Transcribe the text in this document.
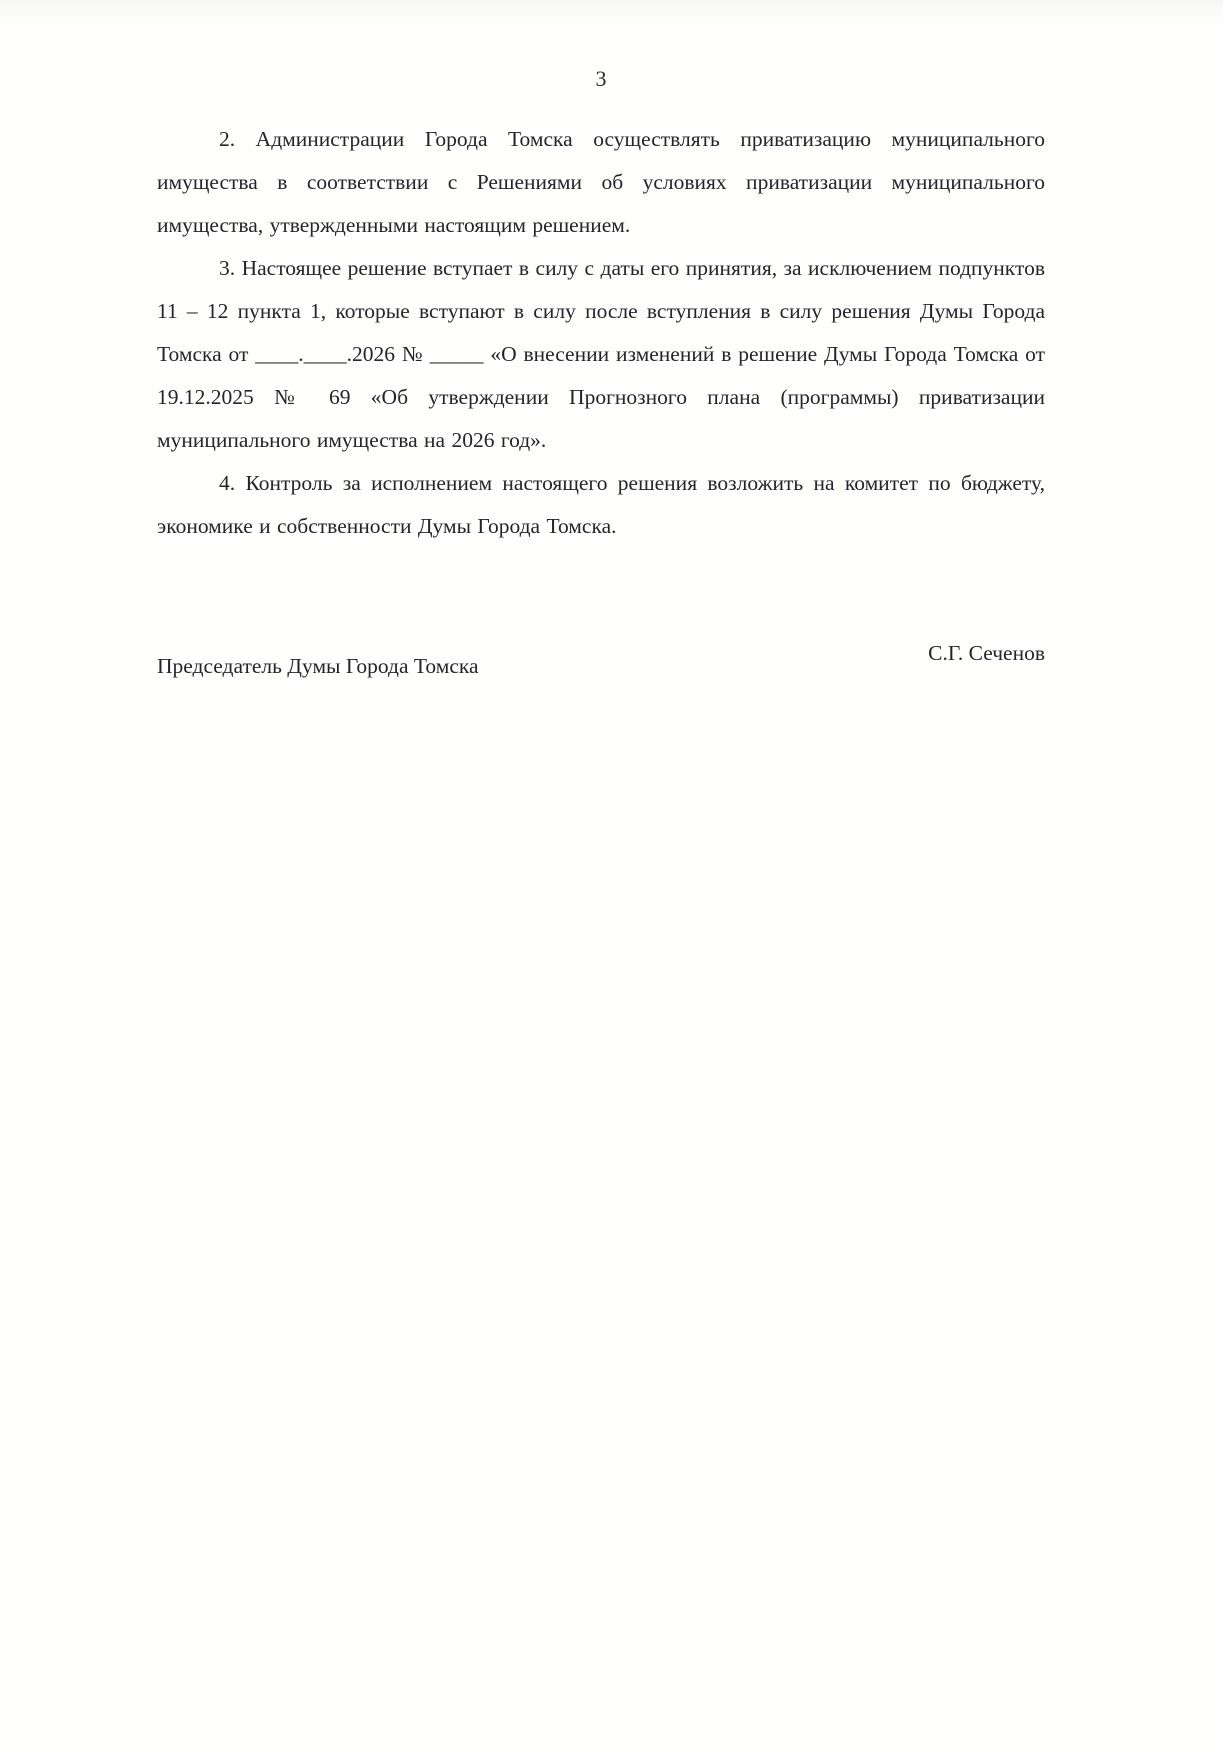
3

2. Администрации Города Томска осуществлять приватизацию муниципального имущества в соответствии с Решениями об условиях приватизации муниципального имущества, утвержденными настоящим решением.

3. Настоящее решение вступает в силу с даты его принятия, за исключением подпунктов 11 – 12 пункта 1, которые вступают в силу после вступления в силу решения Думы Города Томска от ____.____.2026 № _____ «О внесении изменений в решение Думы Города Томска от 19.12.2025 № 69 «Об утверждении Прогнозного плана (программы) приватизации муниципального имущества на 2026 год».

4. Контроль за исполнением настоящего решения возложить на комитет по бюджету, экономике и собственности Думы Города Томска.

Председатель Думы Города Томска
С.Г. Сеченов
